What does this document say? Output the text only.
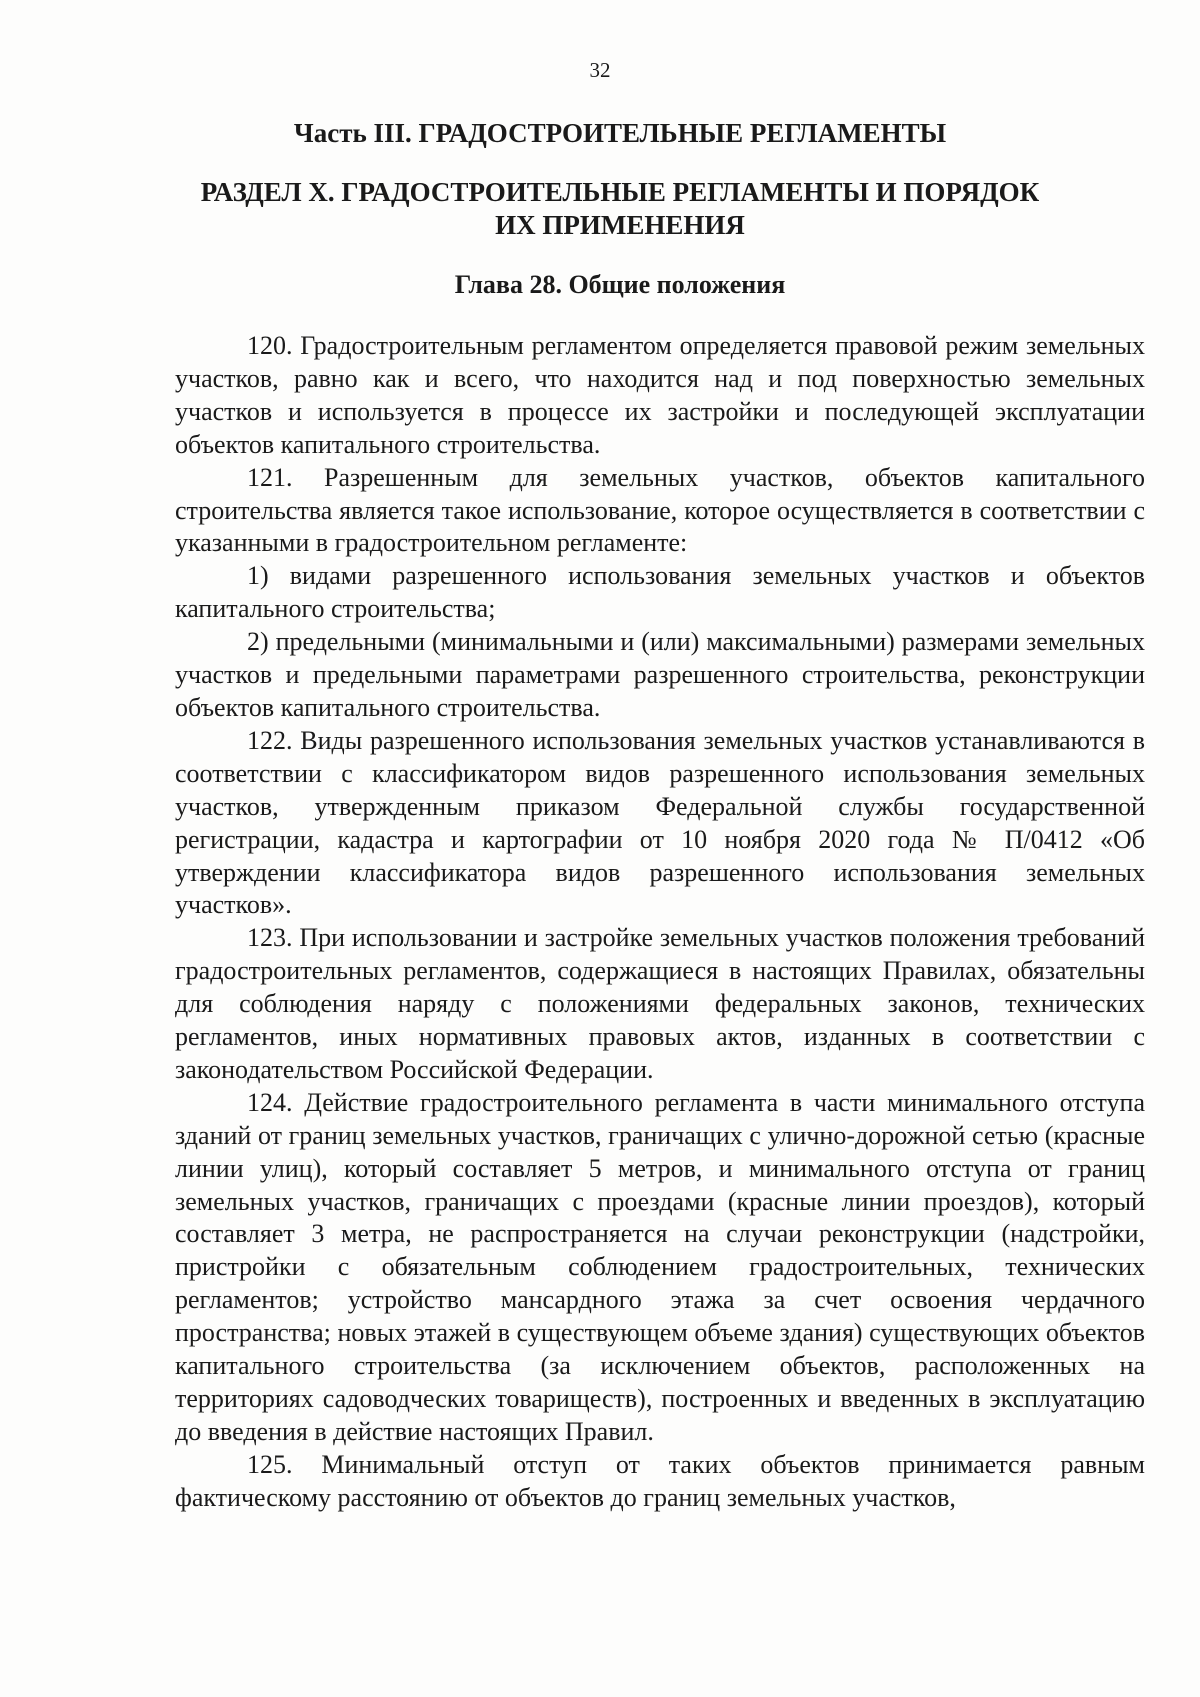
32
Часть III. ГРАДОСТРОИТЕЛЬНЫЕ РЕГЛАМЕНТЫ
РАЗДЕЛ X. ГРАДОСТРОИТЕЛЬНЫЕ РЕГЛАМЕНТЫ И ПОРЯДОК
ИХ ПРИМЕНЕНИЯ
Глава 28. Общие положения

120. Градостроительным регламентом определяется правовой режим земельных участков, равно как и всего, что находится над и под поверхностью земельных участков и используется в процессе их застройки и последующей эксплуатации объектов капитального строительства.

121. Разрешенным для земельных участков, объектов капитального строительства является такое использование, которое осуществляется в соответствии с указанными в градостроительном регламенте:

1) видами разрешенного использования земельных участков и объектов капитального строительства;

2) предельными (минимальными и (или) максимальными) размерами земельных участков и предельными параметрами разрешенного строительства, реконструкции объектов капитального строительства.

122. Виды разрешенного использования земельных участков устанавливаются в соответствии с классификатором видов разрешенного использования земельных участков, утвержденным приказом Федеральной службы государственной регистрации, кадастра и картографии от 10 ноября 2020 года № П/0412 «Об утверждении классификатора видов разрешенного использования земельных участков».

123. При использовании и застройке земельных участков положения требований градостроительных регламентов, содержащиеся в настоящих Правилах, обязательны для соблюдения наряду с положениями федеральных законов, технических регламентов, иных нормативных правовых актов, изданных в соответствии с законодательством Российской Федерации.

124. Действие градостроительного регламента в части минимального отступа зданий от границ земельных участков, граничащих с улично-дорожной сетью (красные линии улиц), который составляет 5 метров, и минимального отступа от границ земельных участков, граничащих с проездами (красные линии проездов), который составляет 3 метра, не распространяется на случаи реконструкции (надстройки, пристройки с обязательным соблюдением градостроительных, технических регламентов; устройство мансардного этажа за счет освоения чердачного пространства; новых этажей в существующем объеме здания) существующих объектов капитального строительства (за исключением объектов, расположенных на территориях садоводческих товариществ), построенных и введенных в эксплуатацию до введения в действие настоящих Правил.

125. Минимальный отступ от таких объектов принимается равным фактическому расстоянию от объектов до границ земельных участков,
